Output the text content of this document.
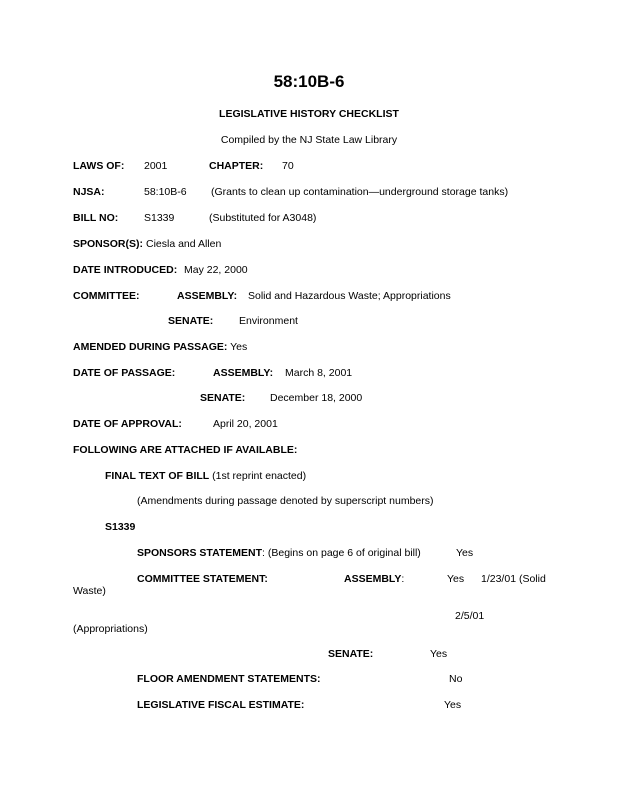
58:10B-6
LEGISLATIVE HISTORY CHECKLIST
Compiled by the NJ State Law Library
LAWS OF: 2001	CHAPTER: 70
NJSA:	58:10B-6 (Grants to clean up contamination—underground storage tanks)
BILL NO: S1339	(Substituted for A3048)
SPONSOR(S): Ciesla and Allen
DATE INTRODUCED: May 22, 2000
COMMITTEE:	ASSEMBLY: Solid and Hazardous Waste; Appropriations
SENATE: Environment
AMENDED DURING PASSAGE: Yes
DATE OF PASSAGE:	ASSEMBLY: March 8, 2001
SENATE: December 18, 2000
DATE OF APPROVAL:	April 20, 2001
FOLLOWING ARE ATTACHED IF AVAILABLE:
FINAL TEXT OF BILL (1st reprint enacted)
(Amendments during passage denoted by superscript numbers)
S1339
SPONSORS STATEMENT: (Begins on page 6 of original bill)	Yes
COMMITTEE STATEMENT:	ASSEMBLY:	Yes 1/23/01 (Solid
Waste)
2/5/01
(Appropriations)
SENATE:	Yes
FLOOR AMENDMENT STATEMENTS:	No
LEGISLATIVE FISCAL ESTIMATE:	Yes
